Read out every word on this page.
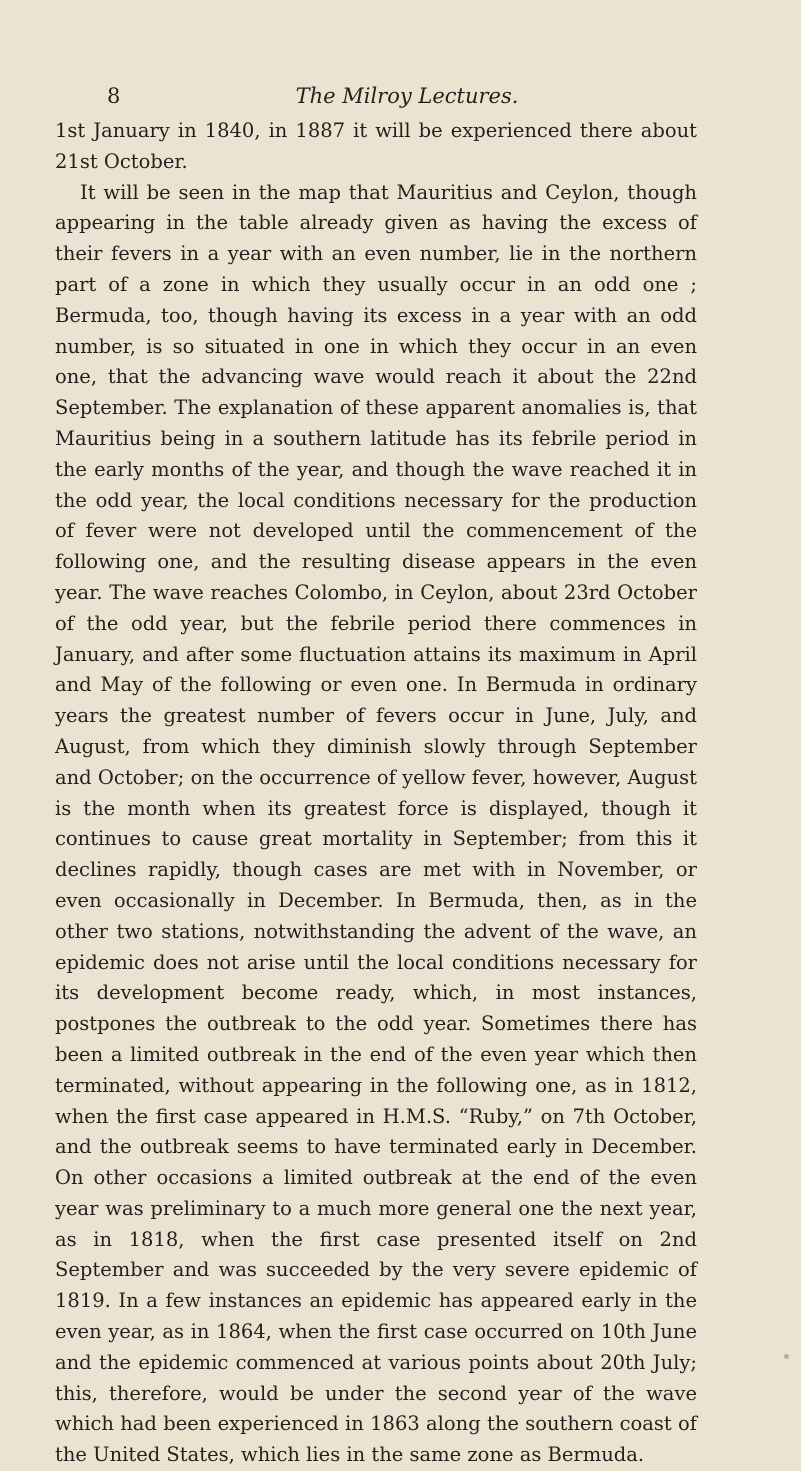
8	The Milroy Lectures.

1st January in 1840, in 1887 it will be experienced there about 21st October.

It will be seen in the map that Mauritius and Ceylon, though appearing in the table already given as having the excess of their fevers in a year with an even number, lie in the northern part of a zone in which they usually occur in an odd one ; Bermuda, too, though having its excess in a year with an odd number, is so situated in one in which they occur in an even one, that the advancing wave would reach it about the 22nd September. The explanation of these apparent anomalies is, that Mauritius being in a southern latitude has its febrile period in the early months of the year, and though the wave reached it in the odd year, the local conditions necessary for the production of fever were not developed until the commencement of the following one, and the resulting disease appears in the even year. The wave reaches Colombo, in Ceylon, about 23rd October of the odd year, but the febrile period there commences in January, and after some fluctuation attains its maximum in April and May of the following or even one. In Bermuda in ordinary years the greatest number of fevers occur in June, July, and August, from which they diminish slowly through September and October; on the occurrence of yellow fever, however, August is the month when its greatest force is displayed, though it continues to cause great mortality in September; from this it declines rapidly, though cases are met with in November, or even occasionally in December. In Bermuda, then, as in the other two stations, notwithstanding the advent of the wave, an epidemic does not arise until the local conditions necessary for its development become ready, which, in most instances, postpones the outbreak to the odd year. Sometimes there has been a limited outbreak in the end of the even year which then terminated, without appearing in the following one, as in 1812, when the first case appeared in H.M.S. “Ruby,” on 7th October, and the outbreak seems to have terminated early in December. On other occasions a limited outbreak at the end of the even year was preliminary to a much more general one the next year, as in 1818, when the first case presented itself on 2nd September and was succeeded by the very severe epidemic of 1819. In a few instances an epidemic has appeared early in the even year, as in 1864, when the first case occurred on 10th June and the epidemic commenced at various points about 20th July; this, therefore, would be under the second year of the wave which had been experienced in 1863 along the southern coast of the United States, which lies in the same zone as Bermuda.
